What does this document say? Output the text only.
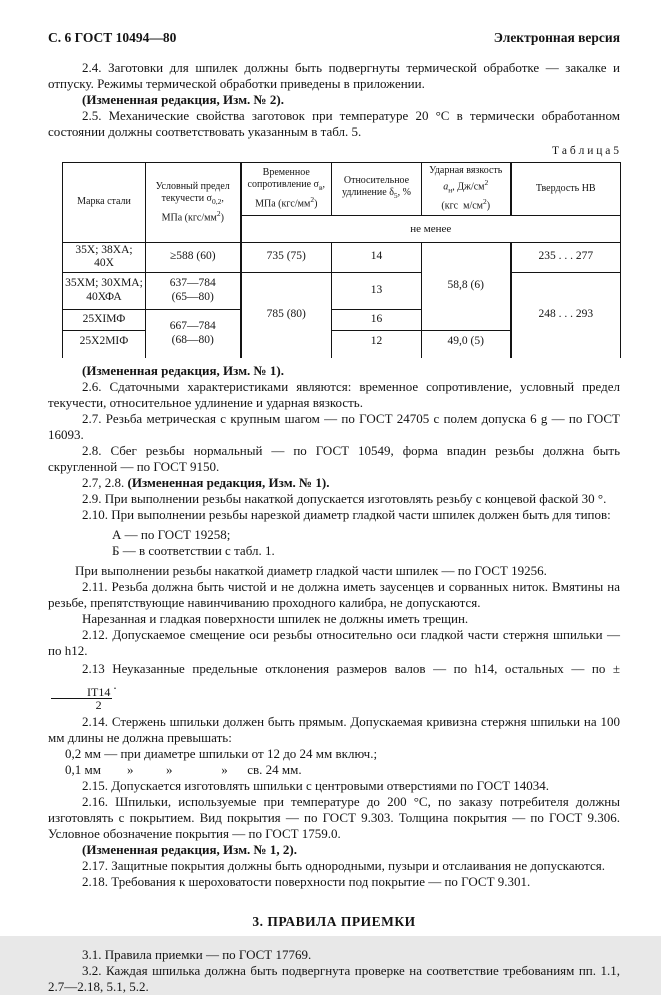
С. 6 ГОСТ 10494—80	Электронная версия

2.4. Заготовки для шпилек должны быть подвергнуты термической обработке — закалке и отпуску. Режимы термической обработки приведены в приложении.

(Измененная редакция, Изм. № 2).

2.5. Механические свойства заготовок при температуре 20 °С в термически обработанном состоянии должны соответствовать указанным в табл. 5.

Т а б л и ц а 5
Марка стали	Условный предел
текучести $\sigma_{0,2}$,
МПа $(кгс/мм^2)$	Временное
сопротивление $\sigma_в$,
МПа $(кгс/мм^2)$	Относительное
удлинение $\delta_5$, %	Ударная вязкость
$a_н$, $Дж/см^2$
(кгс  $м/см^2$)	Твердость НВ
		не менее			
35Х; 38ХА; 40Х	≥588 (60)	735 (75)	14	58,8 (6)	235 . . . 277
35ХМ; 30ХМА;
40ХФА	637—784
(65—80)	785 (80)	13		248 . . . 293
25ХIМФ	667—784
(68—80)		16		
25Х2МIФ			12	49,0 (5)	

(Измененная редакция, Изм. № 1).

2.6. Сдаточными характеристиками являются: временное сопротивление, условный предел текучести, относительное удлинение и ударная вязкость.

2.7. Резьба метрическая с крупным шагом — по ГОСТ 24705 с полем допуска 6 g — по ГОСТ 16093.

2.8. Сбег резьбы нормальный — по ГОСТ 10549, форма впадин резьбы должна быть скругленной — по ГОСТ 9150.

2.7, 2.8. (Измененная редакция, Изм. № 1).

2.9. При выполнении резьбы накаткой допускается изготовлять резьбу с концевой фаской 30 °.

2.10. При выполнении резьбы нарезкой диаметр гладкой части шпилек должен быть для типов:

А — по ГОСТ 19258;

Б — в соответствии с табл. 1.

При выполнении резьбы накаткой диаметр гладкой части шпилек — по ГОСТ 19256.

2.11. Резьба должна быть чистой и не должна иметь заусенцев и сорванных ниток. Вмятины на резьбе, препятствующие навинчиванию проходного калибра, не допускаются.

Нарезанная и гладкая поверхности шпилек не должны иметь трещин.

2.12. Допускаемое смещение оси резьбы относительно оси гладкой части стержня шпильки — по h12.

2.13 Неуказанные предельные отклонения размеров валов — по h14, остальных — по ±
$\frac{IT14}{2}$
.

2.14. Стержень шпильки должен быть прямым. Допускаемая кривизна стержня шпильки на 100 мм длины не должна превышать:

0,2 мм — при диаметре шпильки от 12 до 24 мм включ.;

0,1 мм        »          »               »      св. 24 мм.

2.15. Допускается изготовлять шпильки с центровыми отверстиями по ГОСТ 14034.

2.16. Шпильки, используемые при температуре до 200 °С, по заказу потребителя должны изготовлять с покрытием. Вид покрытия — по ГОСТ 9.303. Толщина покрытия — по ГОСТ 9.306. Условное обозначение покрытия — по ГОСТ 1759.0.

(Измененная редакция, Изм. № 1, 2).

2.17. Защитные покрытия должны быть однородными, пузыри и отслаивания не допускаются.

2.18. Требования к шероховатости поверхности под покрытие — по ГОСТ 9.301.

3. ПРАВИЛА ПРИЕМКИ

3.1. Правила приемки — по ГОСТ 17769.

3.2. Каждая шпилька должна быть подвергнута проверке на соответствие требованиям пп. 1.1, 2.7—2.18, 5.1, 5.2.
